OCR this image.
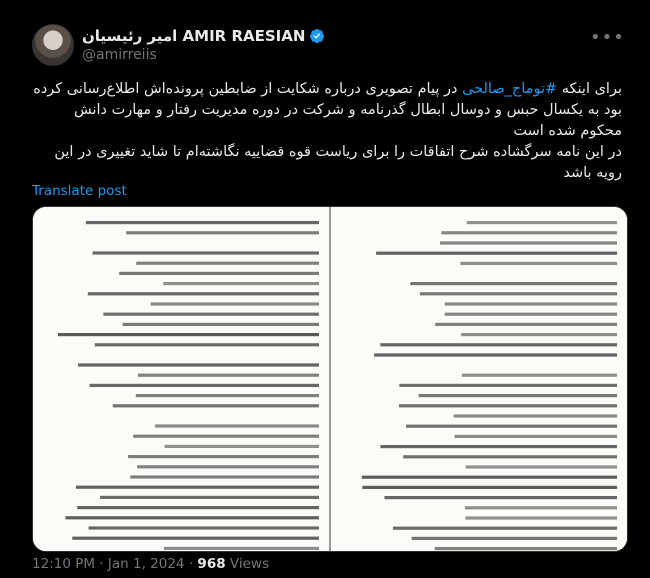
امیر رئیسیان AMIR RAESIAN
@amirreiis
•••

برای اینکه #توماج_صالحی در پیام تصویری درباره شکایت از ضابطین پرونده‌اش اطلاع‌رسانی کرده بود به یکسال حبس و دوسال ابطال گذرنامه و شرکت در دوره مدیریت رفتار و مهارت دانش محکوم شده است

در این نامه سرگشاده شرح اتفاقات را برای ریاست قوه قضاییه نگاشته‌ام تا شاید تغییری در این رویه باشد

Translate post
12:10 PM · Jan 1, 2024 · 968 Views
